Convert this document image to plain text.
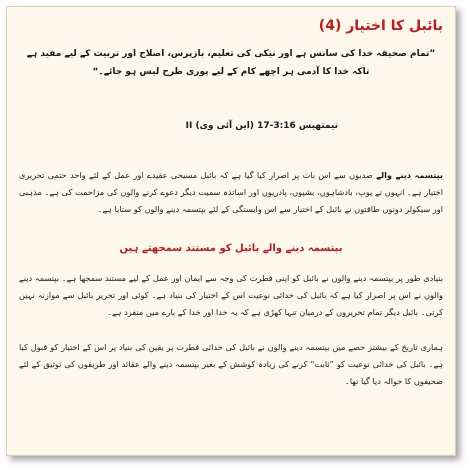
بائبل کا اختیار (4)
”تمام صحیفہ خدا کی سانس ہے اور نیکی کی تعلیم، بازپرس، اصلاح اور تربیت کے لیے مفید ہے تاکہ خدا کا آدمی ہر اچھے کام کے لیے پوری طرح لیس ہو جائے۔“
تیمتھیس 3:16-17 (این آئی وی) II

بپتسمہ دینے والے صدیوں سے اس بات پر اصرار کیا گیا ہے کہ بائبل مسیحی عقیدے اور عمل کے لئے واحد حتمی تحریری اختیار ہے۔ انہوں نے پوپ، بادشاہوں، بشپوں، پادریوں اور اساتذہ سمیت دیگر دعوے کرنے والوں کی مزاحمت کی ہے۔ مذہبی اور سیکولر دونوں طاقتوں نے بائبل کے اختیار سے اس وابستگی کے لئے بپتسمہ دینے والوں کو ستایا ہے۔

بپتسمہ دینے والے بائبل کو مستند سمجھتے ہیں

بنیادی طور پر بپتسمہ دینے والوں نے بائبل کو اپنی فطرت کی وجہ سے ایمان اور عمل کے لیے مستند سمجھا ہے۔ بپتسمہ دینے والوں نے اس پر اصرار کیا ہے کہ بائبل کی خدائی نوعیت اس کے اختیار کی بنیاد ہے۔ کوئی اور تحریر بائبل سے موازنہ نہیں کرتی۔ بائبل دیگر تمام تحریروں کے درمیان تنہا کھڑی ہے کہ یہ خدا اور خدا کے بارے میں منفرد ہے۔

ہماری تاریخ کے بیشتر حصے میں بپتسمہ دینے والوں نے بائبل کی خدائی فطرت پر یقین کی بنیاد پر اس کے اختیار کو قبول کیا ہے۔ بائبل کی خدائی نوعیت کو ”ثابت“ کرنے کی زیادہ کوشش کے بغیر بپتسمہ دینے والے عقائد اور طریقوں کی توثیق کے لئے صحیفوں کا حوالہ دیا گیا تھا۔
